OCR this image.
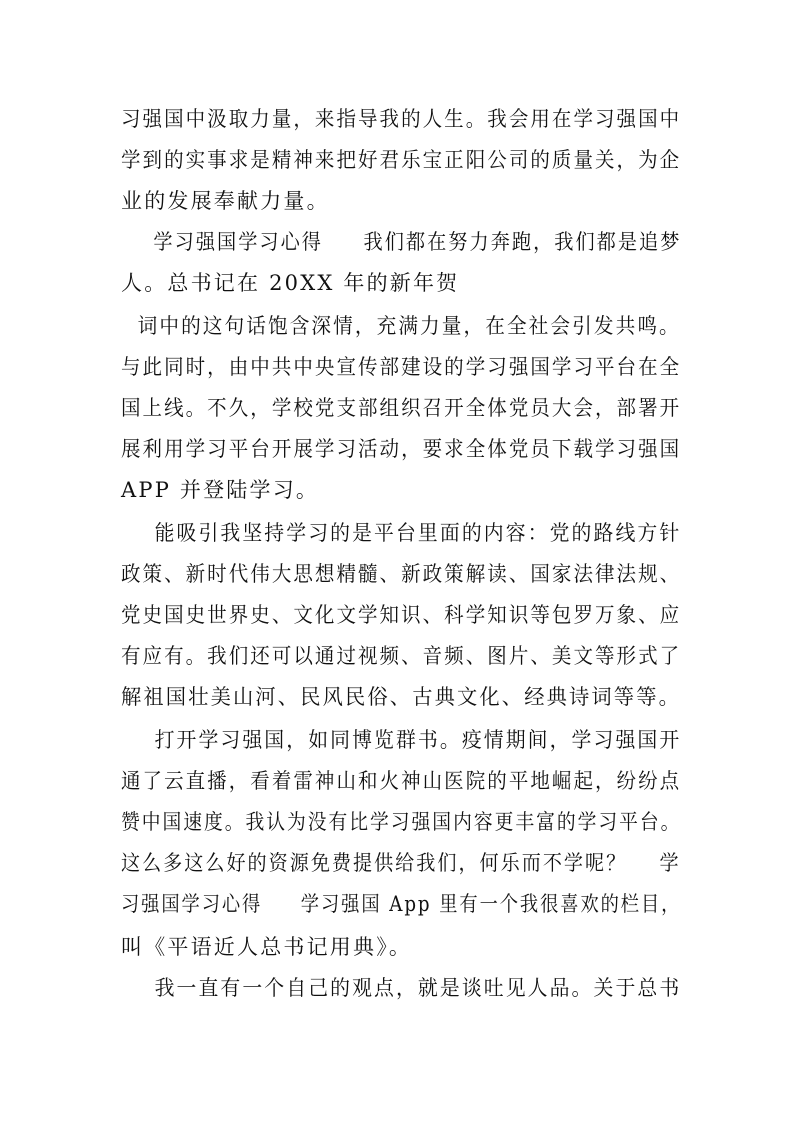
习强国中汲取力量，来指导我的人生。我会用在学习强国中
学到的实事求是精神来把好君乐宝正阳公司的质量关，为企
业的发展奉献力量。
学习强国学习心得     我们都在努力奔跑，我们都是追梦
人。总书记在 20XX 年的新年贺
词中的这句话饱含深情，充满力量，在全社会引发共鸣。
与此同时，由中共中央宣传部建设的学习强国学习平台在全
国上线。不久，学校党支部组织召开全体党员大会，部署开
展利用学习平台开展学习活动，要求全体党员下载学习强国
APP 并登陆学习。
能吸引我坚持学习的是平台里面的内容：党的路线方针
政策、新时代伟大思想精髓、新政策解读、国家法律法规、
党史国史世界史、文化文学知识、科学知识等包罗万象、应
有应有。我们还可以通过视频、音频、图片、美文等形式了
解祖国壮美山河、民风民俗、古典文化、经典诗词等等。
打开学习强国，如同博览群书。疫情期间，学习强国开
通了云直播，看着雷神山和火神山医院的平地崛起，纷纷点
赞中国速度。我认为没有比学习强国内容更丰富的学习平台。
这么多这么好的资源免费提供给我们，何乐而不学呢？    学
习强国学习心得     学习强国 App 里有一个我很喜欢的栏目，
叫《平语近人总书记用典》。
我一直有一个自己的观点，就是谈吐见人品。关于总书
